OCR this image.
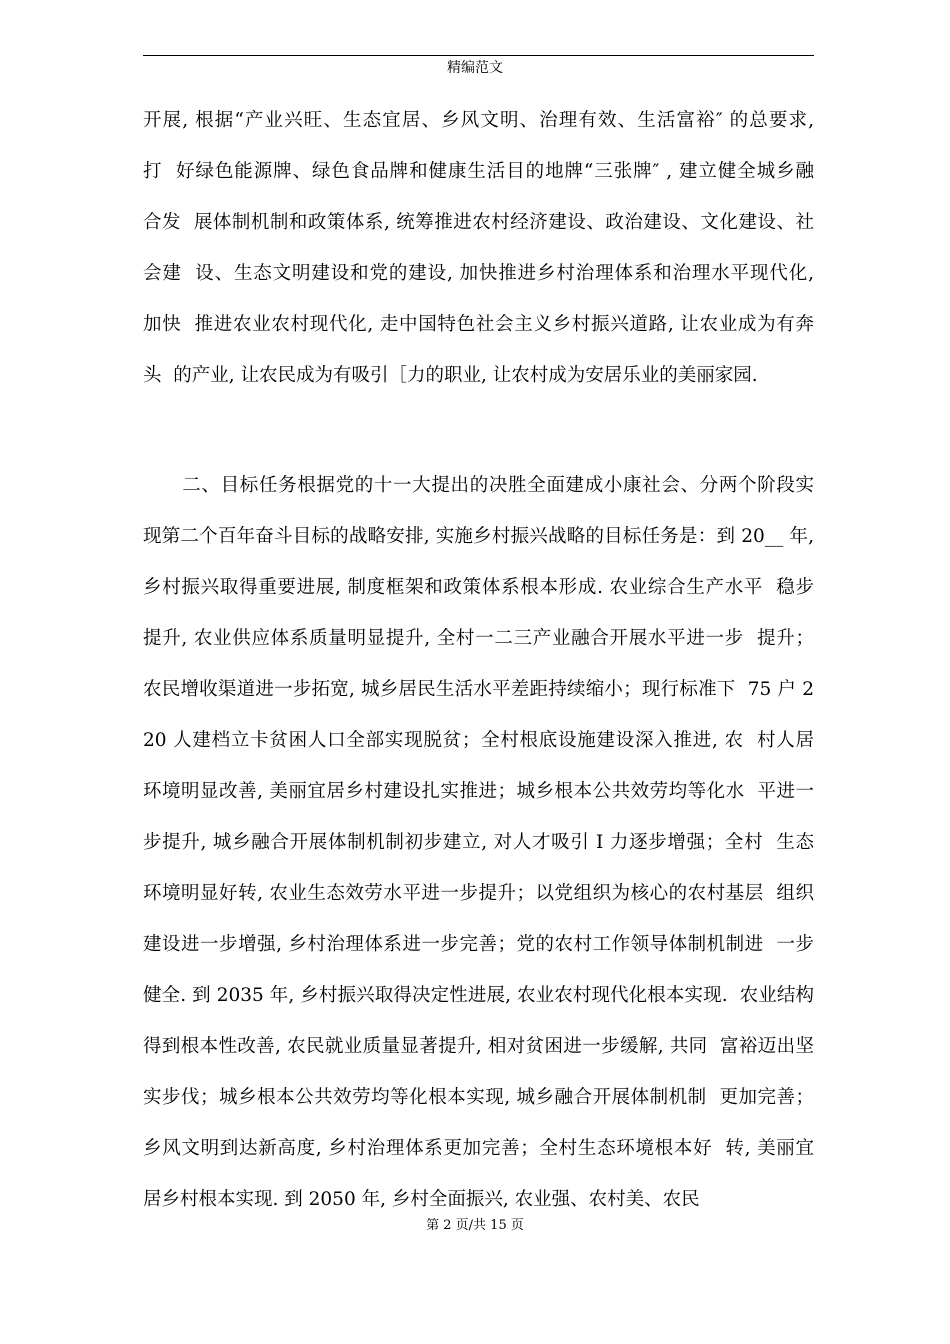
精编范文
开展, 根据“产业兴旺、生态宜居、乡风文明、治理有效、生活富裕″ 的总要求,
打  好绿色能源牌、绿色食品牌和健康生活目的地牌“三张牌″ , 建立健全城乡融
合发  展体制机制和政策体系, 统筹推进农村经济建设、政治建设、文化建设、社
会建  设、生态文明建设和党的建设, 加快推进乡村治理体系和治理水平现代化,
加快  推进农业农村现代化, 走中国特色社会主义乡村振兴道路, 让农业成为有奔
头  的产业, 让农民成为有吸引［力的职业, 让农村成为安居乐业的美丽家园.
二、目标任务根据党的十一大提出的决胜全面建成小康社会、分两个阶段实
现第二个百年奋斗目标的战略安排, 实施乡村振兴战略的目标任务是：到 20__ 年,
乡村振兴取得重要进展, 制度框架和政策体系根本形成. 农业综合生产水平  稳步
提升, 农业供应体系质量明显提升, 全村一二三产业融合开展水平进一步  提升；
农民增收渠道进一步拓宽, 城乡居民生活水平差距持续缩小；现行标准下  75 户 2
20 人建档立卡贫困人口全部实现脱贫；全村根底设施建设深入推进, 农  村人居
环境明显改善, 美丽宜居乡村建设扎实推进；城乡根本公共效劳均等化水  平进一
步提升, 城乡融合开展体制机制初步建立, 对人才吸引 I 力逐步增强；全村  生态
环境明显好转, 农业生态效劳水平进一步提升；以党组织为核心的农村基层  组织
建设进一步增强, 乡村治理体系进一步完善；党的农村工作领导体制机制进  一步
健全. 到 2035 年, 乡村振兴取得决定性进展, 农业农村现代化根本实现.  农业结构
得到根本性改善, 农民就业质量显著提升, 相对贫困进一步缓解, 共同  富裕迈出坚
实步伐；城乡根本公共效劳均等化根本实现, 城乡融合开展体制机制  更加完善；
乡风文明到达新高度, 乡村治理体系更加完善；全村生态环境根本好  转, 美丽宜
居乡村根本实现. 到 2050 年, 乡村全面振兴, 农业强、农村美、农民
第 2 页/共 15 页
